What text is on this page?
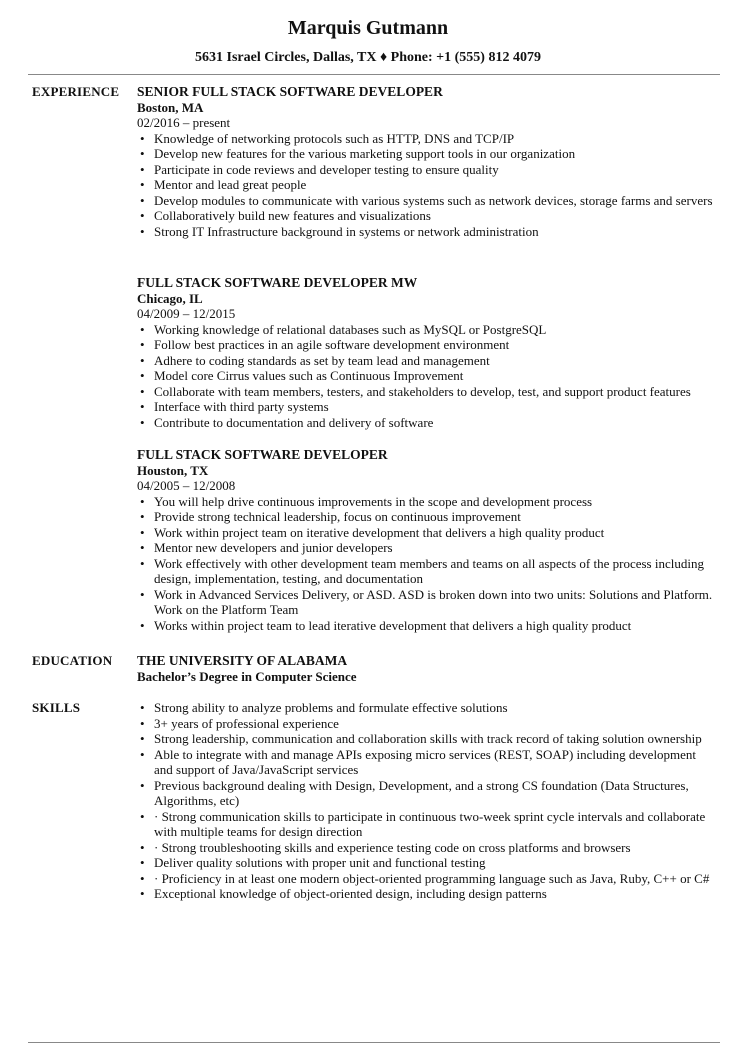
Marquis Gutmann
5631 Israel Circles, Dallas, TX ♦ Phone: +1 (555) 812 4079
EXPERIENCE SENIOR FULL STACK SOFTWARE DEVELOPER

Boston, MA

02/2016 – present

• Knowledge of networking protocols such as HTTP, DNS and TCP/IP
• Develop new features for the various marketing support tools in our organization
• Participate in code reviews and developer testing to ensure quality
• Mentor and lead great people
• Develop modules to communicate with various systems such as network devices, storage farms and servers
• Collaboratively build new features and visualizations
• Strong IT Infrastructure background in systems or network administration

FULL STACK SOFTWARE DEVELOPER MW

Chicago, IL

04/2009 – 12/2015

• Working knowledge of relational databases such as MySQL or PostgreSQL
• Follow best practices in an agile software development environment
• Adhere to coding standards as set by team lead and management
• Model core Cirrus values such as Continuous Improvement
• Collaborate with team members, testers, and stakeholders to develop, test, and support product features
• Interface with third party systems
• Contribute to documentation and delivery of software

FULL STACK SOFTWARE DEVELOPER

Houston, TX

04/2005 – 12/2008

• You will help drive continuous improvements in the scope and development process
• Provide strong technical leadership, focus on continuous improvement
• Work within project team on iterative development that delivers a high quality product
• Mentor new developers and junior developers
• Work effectively with other development team members and teams on all aspects of the process including design, implementation, testing, and documentation
• Work in Advanced Services Delivery, or ASD. ASD is broken down into two units: Solutions and Platform. Work on the Platform Team
• Works within project team to lead iterative development that delivers a high quality product
EDUCATION THE UNIVERSITY OF ALABAMA

Bachelor’s Degree in Computer Science

SKILLS
•	Strong ability to analyze problems and formulate effective solutions
• 3+ years of professional experience
• Strong leadership, communication and collaboration skills with track record of taking solution ownership
• Able to integrate with and manage APIs exposing micro services (REST, SOAP) including development and support of Java/JavaScript services
• Previous background dealing with Design, Development, and a strong CS foundation (Data Structures, Algorithms, etc)
• · Strong communication skills to participate in continuous two-week sprint cycle intervals and collaborate with multiple teams for design direction
• · Strong troubleshooting skills and experience testing code on cross platforms and browsers
• Deliver quality solutions with proper unit and functional testing
• · Proficiency in at least one modern object-oriented programming language such as Java, Ruby, C++ or C#
• Exceptional knowledge of object-oriented design, including design patterns
